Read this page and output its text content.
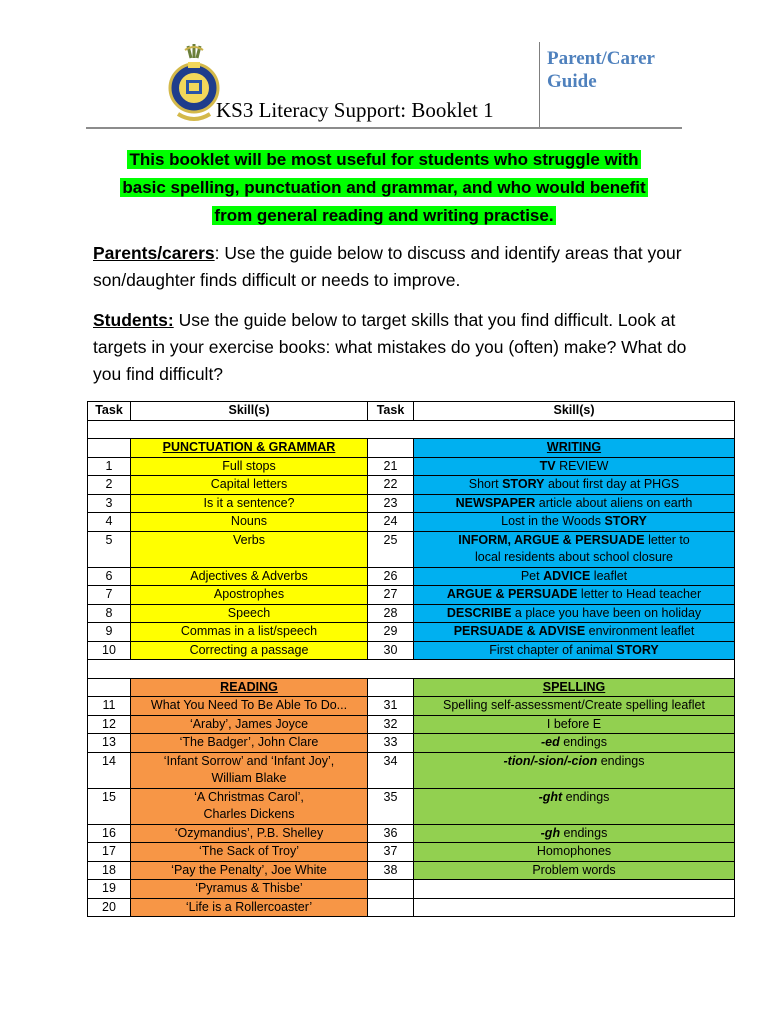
KS3 Literacy Support: Booklet 1
Parent/Carer Guide
This booklet will be most useful for students who struggle with
basic spelling, punctuation and grammar, and who would benefit
from general reading and writing practise.
Parents/carers: Use the guide below to discuss and identify areas that your son/daughter finds difficult or needs to improve.
Students: Use the guide below to target skills that you find difficult. Look at targets in your exercise books: what mistakes do you (often) make? What do you find difficult?
Task	Skill(s)	Task	Skill(s)

	PUNCTUATION & GRAMMAR		WRITING
1	Full stops	21	TV REVIEW
2	Capital letters	22	Short STORY about first day at PHGS
3	Is it a sentence?	23	NEWSPAPER article about aliens on earth
4	Nouns	24	Lost in the Woods STORY
5	Verbs	25	INFORM, ARGUE & PERSUADE letter to
local residents about school closure
6	Adjectives & Adverbs	26	Pet ADVICE leaflet
7	Apostrophes	27	ARGUE & PERSUADE letter to Head teacher
8	Speech	28	DESCRIBE a place you have been on holiday
9	Commas in a list/speech	29	PERSUADE & ADVISE environment leaflet
10	Correcting a passage	30	First chapter of animal STORY

	READING		SPELLING
11	What You Need To Be Able To Do...	31	Spelling self-assessment/Create spelling leaflet
12	‘Araby’, James Joyce	32	I before E
13	‘The Badger’, John Clare	33	-ed endings
14	‘Infant Sorrow’ and ‘Infant Joy’,
William Blake	34	-tion/-sion/-cion endings
15	‘A Christmas Carol’,
Charles Dickens	35	-ght endings
16	‘Ozymandius’, P.B. Shelley	36	-gh endings
17	‘The Sack of Troy’	37	Homophones
18	‘Pay the Penalty’, Joe White	38	Problem words
19	‘Pyramus & Thisbe’		
20	‘Life is a Rollercoaster’		
